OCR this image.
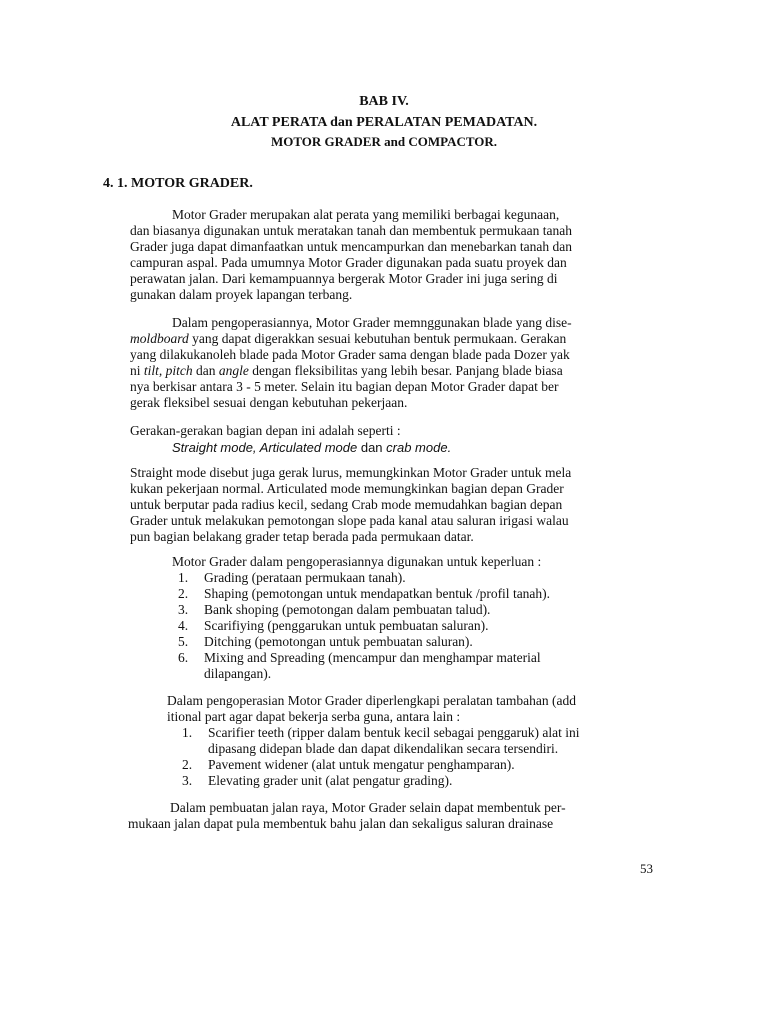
BAB IV.
ALAT PERATA dan PERALATAN PEMADATAN.
MOTOR GRADER and COMPACTOR.
4. 1. MOTOR GRADER.
Motor Grader merupakan alat perata yang memiliki berbagai kegunaan,
dan biasanya digunakan untuk meratakan tanah dan membentuk permukaan tanah
Grader juga dapat dimanfaatkan untuk mencampurkan dan menebarkan tanah dan
campuran aspal. Pada umumnya Motor Grader digunakan pada suatu proyek dan
perawatan jalan. Dari kemampuannya bergerak Motor Grader ini juga sering di
gunakan dalam proyek lapangan terbang.
Dalam pengoperasiannya, Motor Grader memnggunakan blade yang dise-
moldboard yang dapat digerakkan sesuai kebutuhan bentuk permukaan. Gerakan
yang dilakukanoleh blade pada Motor Grader sama dengan blade pada Dozer yak
ni tilt, pitch dan angle dengan fleksibilitas yang lebih besar. Panjang blade biasa
nya berkisar antara 3 - 5 meter. Selain itu bagian depan Motor Grader dapat ber
gerak fleksibel sesuai dengan kebutuhan pekerjaan.
Gerakan-gerakan bagian depan ini adalah seperti :
Straight mode, Articulated mode dan crab mode.
Straight mode disebut juga gerak lurus, memungkinkan Motor Grader untuk mela
kukan pekerjaan normal. Articulated mode memungkinkan bagian depan Grader
untuk berputar pada radius kecil, sedang Crab mode memudahkan bagian depan
Grader untuk melakukan pemotongan slope pada kanal atau saluran irigasi walau
pun bagian belakang grader tetap berada pada permukaan datar.
Motor Grader dalam pengoperasiannya digunakan untuk keperluan :
1. Grading (perataan permukaan tanah).
2. Shaping (pemotongan untuk mendapatkan bentuk /profil tanah).
3. Bank shoping (pemotongan dalam pembuatan talud).
4. Scarifiying (penggarukan untuk pembuatan saluran).
5. Ditching (pemotongan untuk pembuatan saluran).
6. Mixing and Spreading (mencampur dan menghampar material
dilapangan).
Dalam pengoperasian Motor Grader diperlengkapi peralatan tambahan (add
itional part agar dapat bekerja serba guna, antara lain :
1. Scarifier teeth (ripper dalam bentuk kecil sebagai penggaruk) alat ini
dipasang didepan blade dan dapat dikendalikan secara tersendiri.
2. Pavement widener (alat untuk mengatur penghamparan).
3. Elevating grader unit (alat pengatur grading).
Dalam pembuatan jalan raya, Motor Grader selain dapat membentuk per-
mukaan jalan dapat pula membentuk bahu jalan dan sekaligus saluran drainase
53
